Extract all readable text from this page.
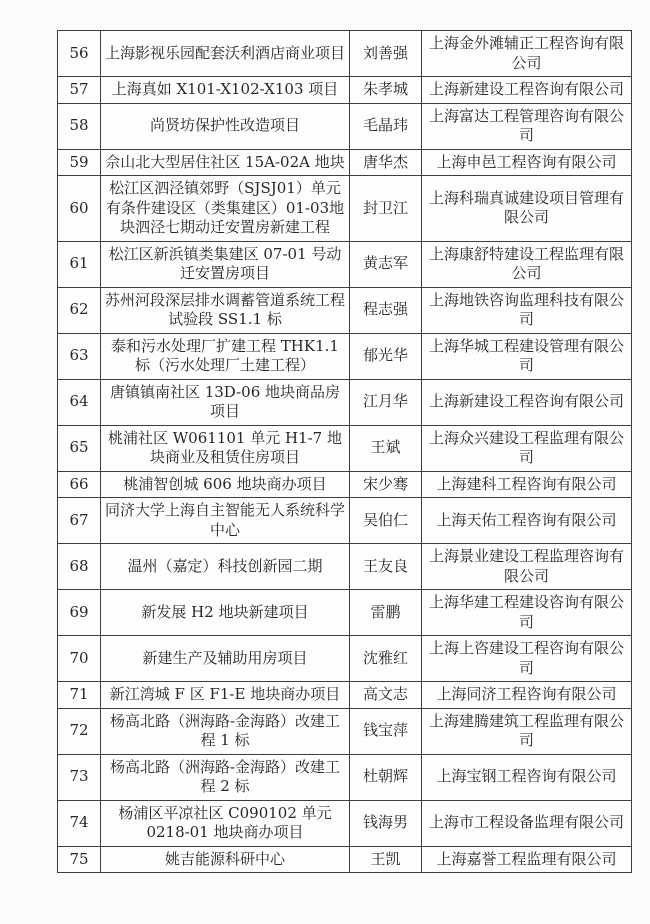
56	上海影视乐园配套沃利酒店商业项目	刘善强	上海金外滩辅正工程咨询有限公司
57	上海真如 X101-X102-X103 项目	朱孝城	上海新建设工程咨询有限公司
58	尚贤坊保护性改造项目	毛晶玮	上海富达工程管理咨询有限公司
59	佘山北大型居住社区 15A-02A 地块	唐华杰	上海申邑工程咨询有限公司
60	松江区泗泾镇郊野（SJSJ01）单元有条件建设区（类集建区）01-03地块泗泾七期动迁安置房新建工程	封卫江	上海科瑞真诚建设项目管理有限公司
61	松江区新浜镇类集建区 07-01 号动迁安置房项目	黄志军	上海康舒特建设工程监理有限公司
62	苏州河段深层排水调蓄管道系统工程试验段 SS1.1 标	程志强	上海地铁咨询监理科技有限公司
63	泰和污水处理厂扩建工程 THK1.1 标（污水处理厂土建工程）	郁光华	上海华城工程建设管理有限公司
64	唐镇镇南社区 13D-06 地块商品房项目	江月华	上海新建设工程咨询有限公司
65	桃浦社区 W061101 单元 H1-7 地块商业及租赁住房项目	王斌	上海众兴建设工程监理有限公司
66	桃浦智创城 606 地块商办项目	宋少骞	上海建科工程咨询有限公司
67	同济大学上海自主智能无人系统科学中心	吴伯仁	上海天佑工程咨询有限公司
68	温州（嘉定）科技创新园二期	王友良	上海景业建设工程监理咨询有限公司
69	新发展 H2 地块新建项目	雷鹏	上海华建工程建设咨询有限公司
70	新建生产及辅助用房项目	沈雅红	上海上咨建设工程咨询有限公司
71	新江湾城 F 区 F1-E 地块商办项目	高文志	上海同济工程咨询有限公司
72	杨高北路（洲海路-金海路）改建工程 1 标	钱宝萍	上海建腾建筑工程监理有限公司
73	杨高北路（洲海路-金海路）改建工程 2 标	杜朝辉	上海宝钢工程咨询有限公司
74	杨浦区平凉社区 C090102 单元 0218-01 地块商办项目	钱海男	上海市工程设备监理有限公司
75	姚吉能源科研中心	王凯	上海嘉誉工程监理有限公司
